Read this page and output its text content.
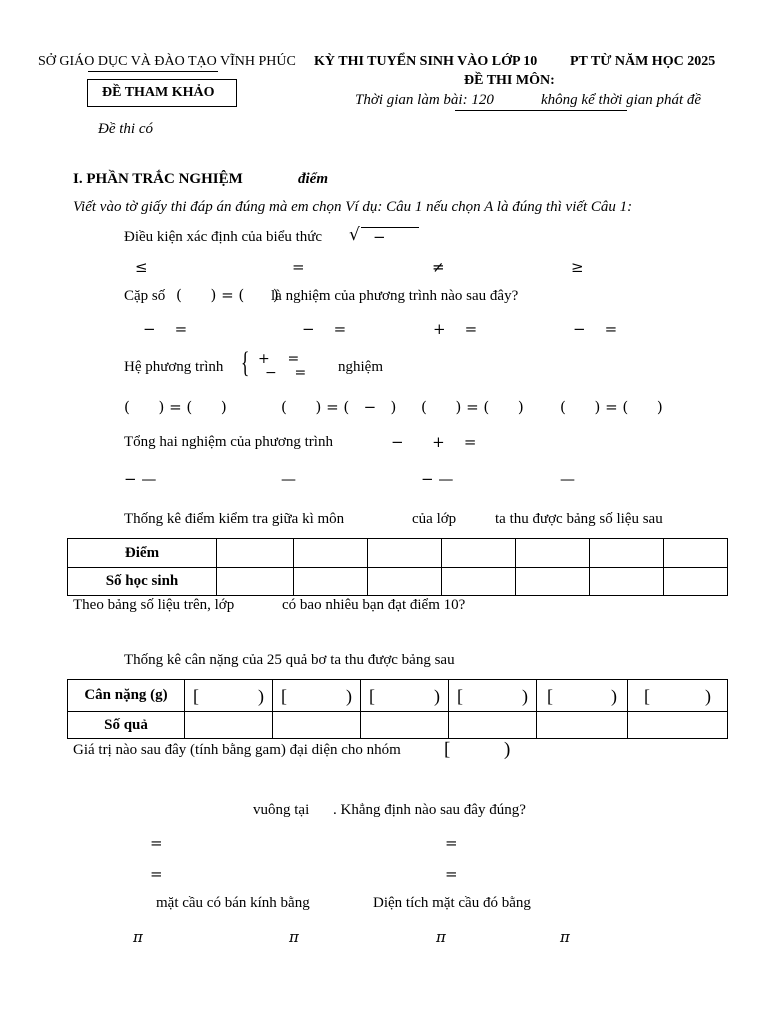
SỞ GIÁO DỤC VÀ ĐÀO TẠO VĨNH PHÚC KỲ THI TUYỂN SINH VÀO LỚP 10 PT TỪ NĂM HỌC 2025
ĐỀ THI MÔN:
ĐỀ THAM KHẢO	Thời gian làm bài: 120	không kể thời gian phát đề
Đề thi có
I. PHẦN TRẮC NGHIỆM	điểm
Viết vào tờ giấy thi đáp án đúng mà em chọn Ví dụ: Câu 1 nếu chọn A là đúng thì viết Câu 1:
Điều kiện xác định của biểu thức √ −
≤	=	≠	≥
Cặp số (      ) = (      )
là nghiệm của phương trình nào sau đây?
−    =	−    =	+    =	−    =
Hệ phương trình { +    =
−    = nghiệm
(      ) = (      )	(      ) = (   −   ) (      ) = (      ) (      ) = (      )
Tổng hai nghiệm của phương trình	−      +    =
− —	—	− —	—
Thống kê điểm kiểm tra giữa kì môn	của lớp	ta thu được bảng số liệu sau
Điểm							
Số học sinh							
Theo bảng số liệu trên, lớp	có bao nhiêu bạn đạt điểm 10?
Thống kê cân nặng của 25 quả bơ ta thu được bảng sau
Cân nặng (g)	[ )	[ )	[ )	[ )	[ )	[ )

Số quả						
Giá trị nào sau đây (tính bằng gam) đại diện cho nhóm [	)
vuông tại . Khẳng định nào sau đây đúng?
=	=
=	=
mặt cầu có bán kính bằng	Diện tích mặt cầu đó bằng
π	π	π	π
